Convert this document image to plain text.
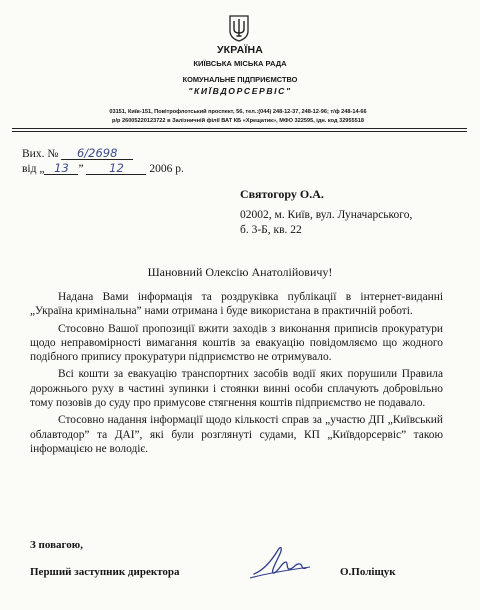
УКРАЇНА
КИЇВСЬКА МІСЬКА РАДА
КОМУНАЛЬНЕ ПІДПРИЄМСТВО
"КИЇВДОРСЕРВІС"
03151, Київ-151, Повітрофлотський проспект, 56, тел.:(044) 248-12-37, 248-12-96; т/ф 248-14-66
р/р 26005220123722 в Залізничній філії ВАТ КБ «Хрещатик», МФО 322595, ідн. код 32955518
Вих. № 6/2698
від „ 13 ” 12 2006 р.
Святогору О.А.
02002, м. Київ, вул. Луначарського,
б. 3-Б, кв. 22
Шановний Олексію Анатолійовичу!

Надана Вами інформація та роздруківка публікації в інтернет-виданні „Україна кримінальна” нами отримана і буде використана в практичній роботі.

Стосовно Вашої пропозиції вжити заходів з виконання приписів прокуратури щодо неправомірності вимагання коштів за евакуацію повідомляємо що жодного подібного припису прокуратури підприємство не отримувало.

Всі кошти за евакуацію транспортних засобів водії яких порушили Правила дорожнього руху в частині зупинки і стоянки винні особи сплачують добровільно тому позовів до суду про примусове стягнення коштів підприємство не подавало.

Стосовно надання інформації щодо кількості справ за „участю ДП „Київський облавтодор” та ДАІ”, які були розглянуті судами, КП „Київдорсервіс” такою інформацією не володіє.

З повагою,
Перший заступник директора	О.Поліщук
